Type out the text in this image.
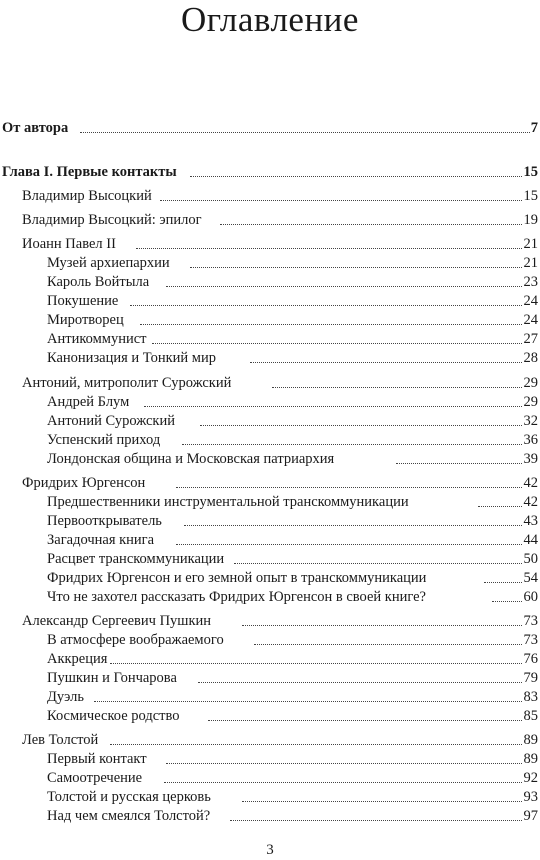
Оглавление
От автора	7
Глава I. Первые контакты	15
Владимир Высоцкий	15
Владимир Высоцкий: эпилог	19
Иоанн Павел II	21
Музей архиепархии	21
Кароль Войтыла	23
Покушение	24
Миротворец	24
Антикоммунист	27
Канонизация и Тонкий мир	28
Антоний, митрополит Сурожский	29
Андрей Блум	29
Антоний Сурожский	32
Успенский приход	36
Лондонская община и Московская патриархия	39
Фридрих Юргенсон	42
Предшественники инструментальной транскоммуникации	42
Первооткрыватель	43
Загадочная книга	44
Расцвет транскоммуникации	50
Фридрих Юргенсон и его земной опыт в транскоммуникации	54
Что не захотел рассказать Фридрих Юргенсон в своей книге?	60
Александр Сергеевич Пушкин	73
В атмосфере воображаемого	73
Аккреция	76
Пушкин и Гончарова	79
Дуэль	83
Космическое родство	85
Лев Толстой	89
Первый контакт	89
Самоотречение	92
Толстой и русская церковь	93
Над чем смеялся Толстой?	97
3
